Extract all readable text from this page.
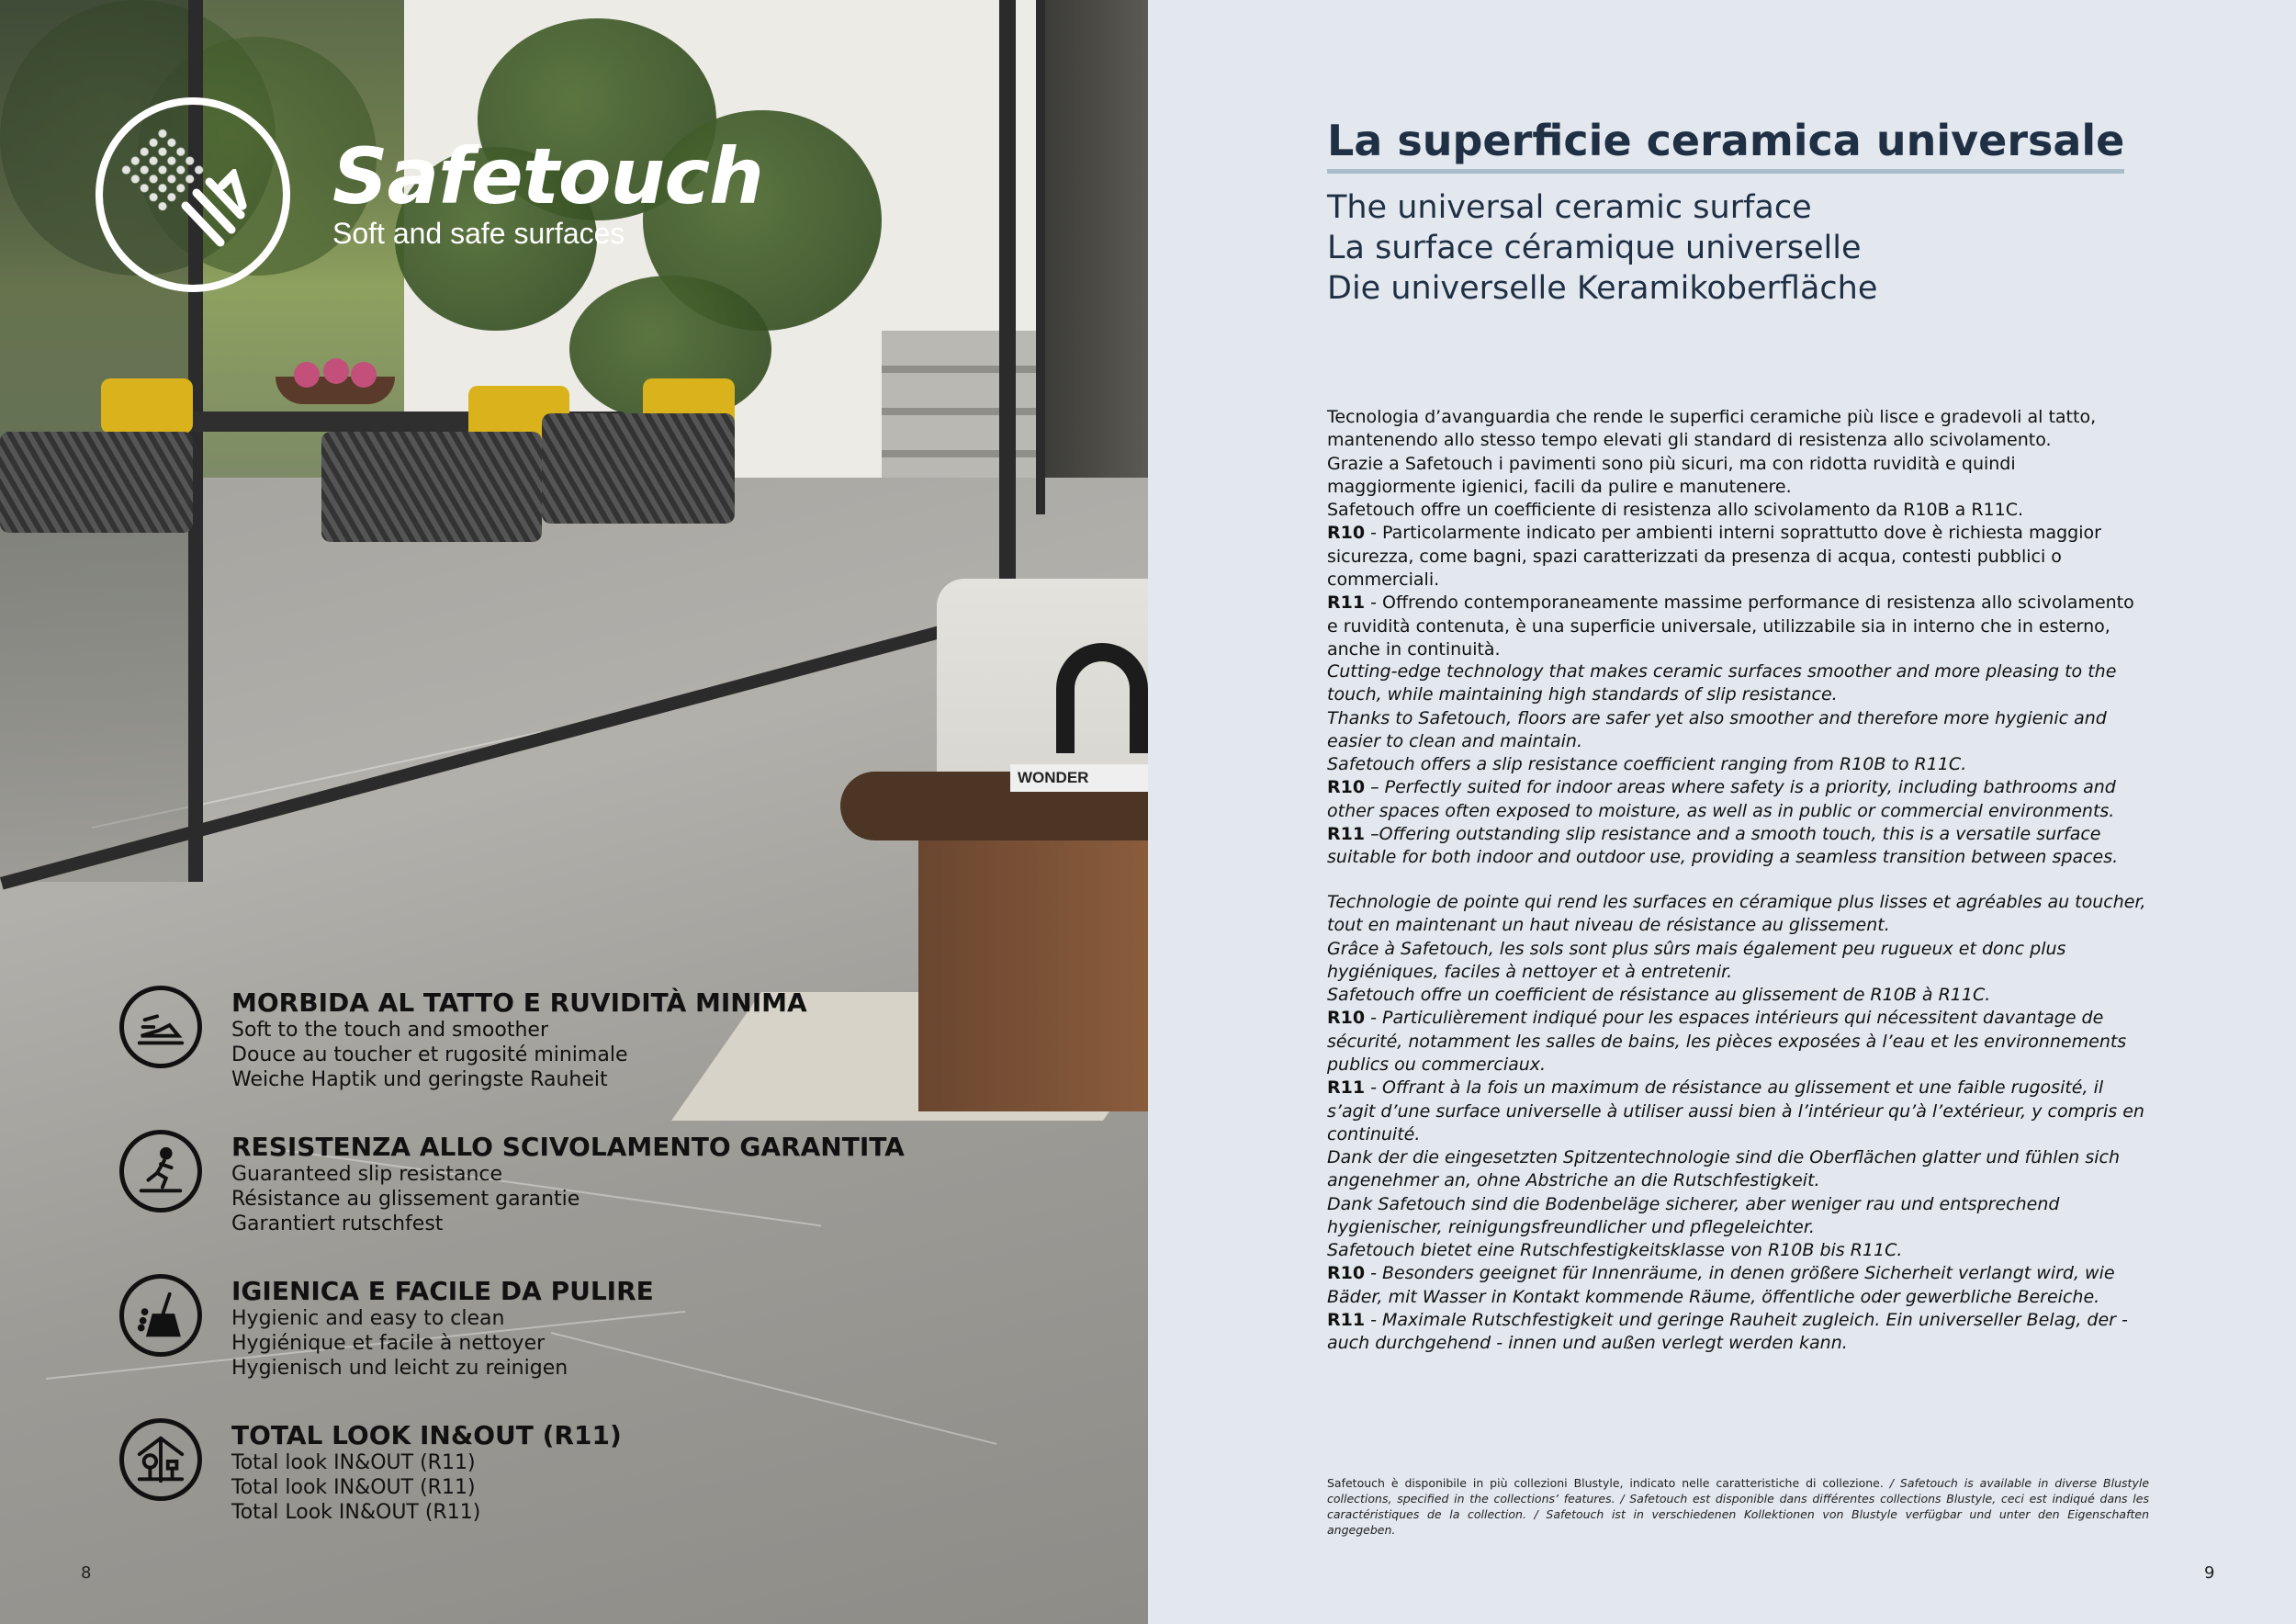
WONDER
Safetouch
Soft and safe surfaces
MORBIDA AL TATTO E RUVIDITÀ MINIMA
Soft to the touch and smoother
Douce au toucher et rugosité minimale
Weiche Haptik und geringste Rauheit
RESISTENZA ALLO SCIVOLAMENTO GARANTITA
Guaranteed slip resistance
Résistance au glissement garantie
Garantiert rutschfest
IGIENICA E FACILE DA PULIRE
Hygienic and easy to clean
Hygiénique et facile à nettoyer
Hygienisch und leicht zu reinigen
TOTAL LOOK IN&OUT (R11)
Total look IN&OUT (R11)
Total look IN&OUT (R11)
Total Look IN&OUT (R11)
8
La superficie ceramica universale
The universal ceramic surface
La surface céramique universelle
Die universelle Keramikoberfläche

Tecnologia d’avanguardia che rende le superfici ceramiche più lisce e gradevoli al tatto, mantenendo allo stesso tempo elevati gli standard di resistenza allo scivolamento.

Grazie a Safetouch i pavimenti sono più sicuri, ma con ridotta ruvidità e quindi maggiormente igienici, facili da pulire e manutenere.

Safetouch offre un coefficiente di resistenza allo scivolamento da R10B a R11C.

R10 - Particolarmente indicato per ambienti interni soprattutto dove è richiesta maggior sicurezza, come bagni, spazi caratterizzati da presenza di acqua, contesti pubblici o commerciali.

R11 - Offrendo contemporaneamente massime performance di resistenza allo scivolamento e ruvidità contenuta, è una superficie universale, utilizzabile sia in interno che in esterno, anche in continuità.

Cutting-edge technology that makes ceramic surfaces smoother and more pleasing to the touch, while maintaining high standards of slip resistance.

Thanks to Safetouch, floors are safer yet also smoother and therefore more hygienic and easier to clean and maintain.

Safetouch offers a slip resistance coefficient ranging from R10B to R11C.

R10 – Perfectly suited for indoor areas where safety is a priority, including bathrooms and other spaces often exposed to moisture, as well as in public or commercial environments.

R11 –Offering outstanding slip resistance and a smooth touch, this is a versatile surface suitable for both indoor and outdoor use, providing a seamless transition between spaces.

Technologie de pointe qui rend les surfaces en céramique plus lisses et agréables au toucher, tout en maintenant un haut niveau de résistance au glissement.

Grâce à Safetouch, les sols sont plus sûrs mais également peu rugueux et donc plus hygiéniques, faciles à nettoyer et à entretenir.

Safetouch offre un coefficient de résistance au glissement de R10B à R11C.

R10 - Particulièrement indiqué pour les espaces intérieurs qui nécessitent davantage de sécurité, notamment les salles de bains, les pièces exposées à l’eau et les environnements publics ou commerciaux.

R11 - Offrant à la fois un maximum de résistance au glissement et une faible rugosité, il s’agit d’une surface universelle à utiliser aussi bien à l’intérieur qu’à l’extérieur, y compris en continuité.

Dank der die eingesetzten Spitzentechnologie sind die Oberflächen glatter und fühlen sich angenehmer an, ohne Abstriche an die Rutschfestigkeit.

Dank Safetouch sind die Bodenbeläge sicherer, aber weniger rau und entsprechend hygienischer, reinigungsfreundlicher und pflegeleichter.

Safetouch bietet eine Rutschfestigkeitsklasse von R10B bis R11C.

R10 - Besonders geeignet für Innenräume, in denen größere Sicherheit verlangt wird, wie Bäder, mit Wasser in Kontakt kommende Räume, öffentliche oder gewerbliche Bereiche.

R11 - Maximale Rutschfestigkeit und geringe Rauheit zugleich. Ein universeller Belag, der - auch durchgehend - innen und außen verlegt werden kann.

Safetouch è disponibile in più collezioni Blustyle, indicato nelle caratteristiche di collezione. / Safetouch is available in diverse Blustyle collections, specified in the collections’ features. / Safetouch est disponible dans différentes collections Blustyle, ceci est indiqué dans les caractéristiques de la collection. / Safetouch ist in verschiedenen Kollektionen von Blustyle verfügbar und unter den Eigenschaften angegeben.
9
